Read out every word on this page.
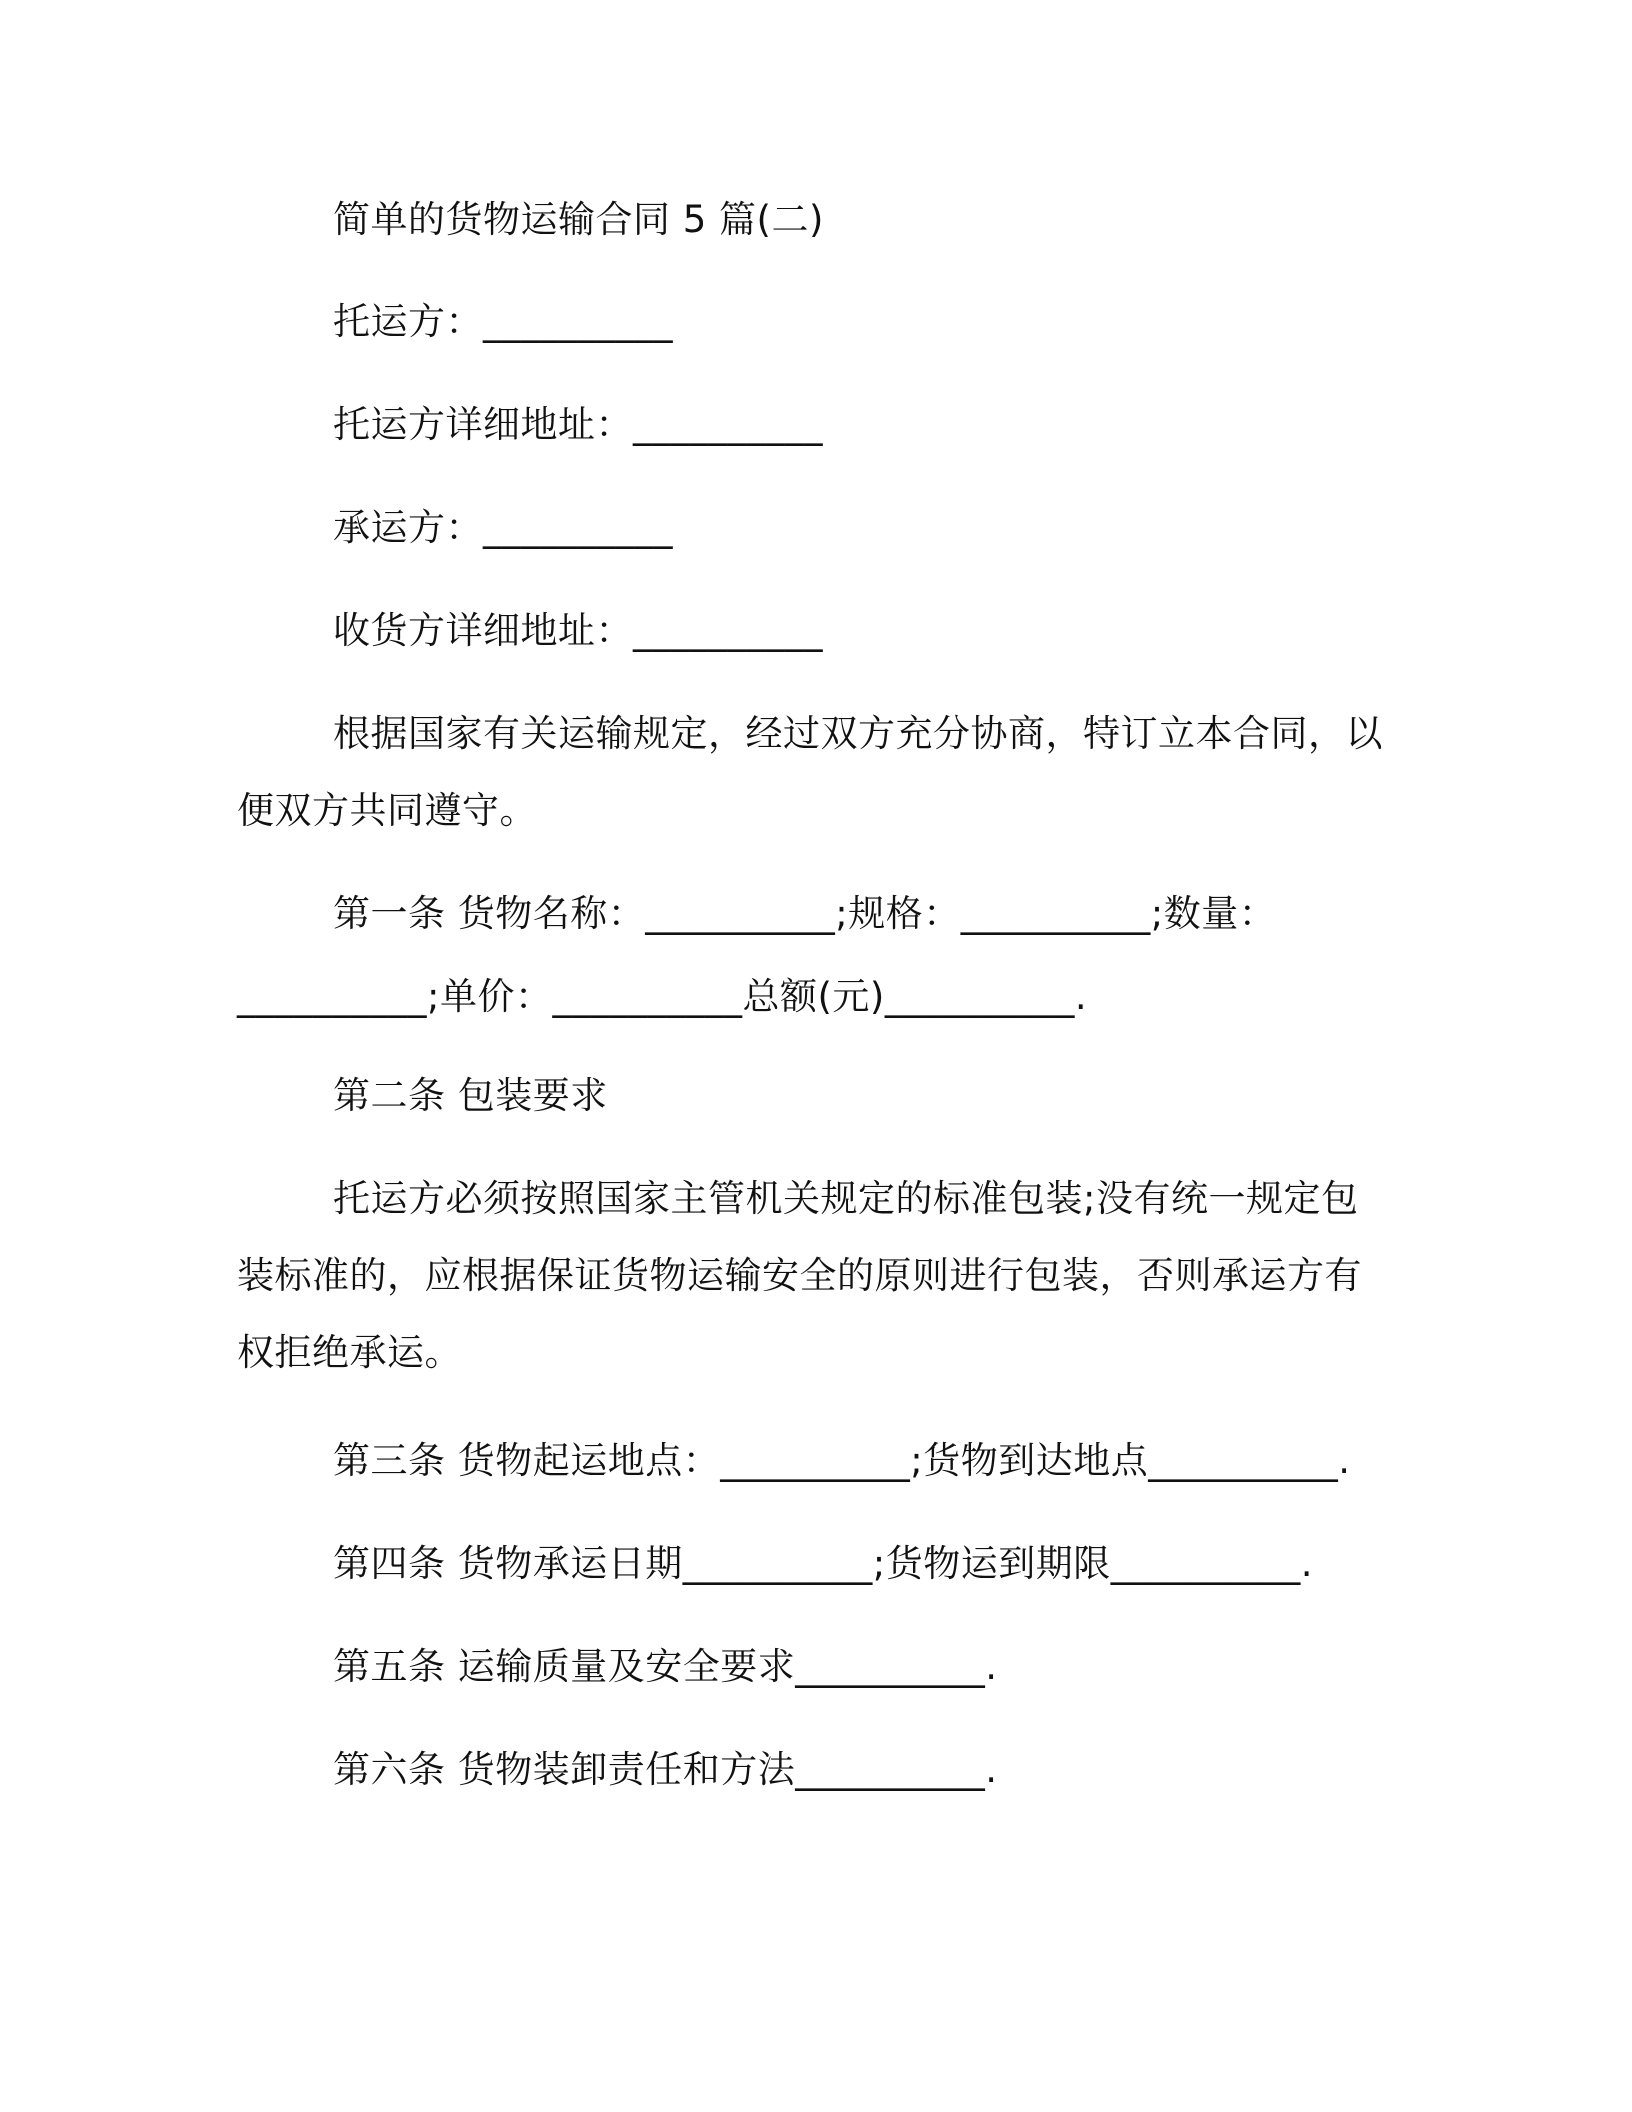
简单的货物运输合同 5 篇(二)
托运方：__________
托运方详细地址：__________
承运方：__________
收货方详细地址：__________
根据国家有关运输规定，经过双方充分协商，特订立本合同，以
便双方共同遵守。
第一条 货物名称：__________;规格：__________;数量：
__________;单价：__________总额(元)__________.
第二条 包装要求
托运方必须按照国家主管机关规定的标准包装;没有统一规定包
装标准的，应根据保证货物运输安全的原则进行包装，否则承运方有
权拒绝承运。
第三条 货物起运地点：__________;货物到达地点__________.
第四条 货物承运日期__________;货物运到期限__________.
第五条 运输质量及安全要求__________.
第六条 货物装卸责任和方法__________.
